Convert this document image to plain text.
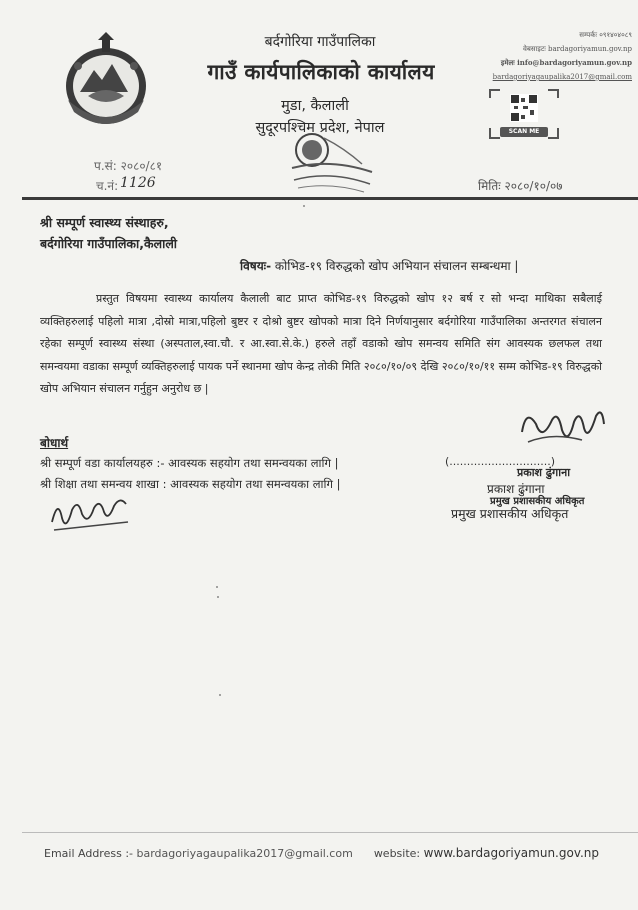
बर्दगोरिया गाउँपालिका
गाउँ कार्यपालिकाको कार्यालय
मुडा, कैलाली
सुदूरपश्चिम प्रदेश, नेपाल
सम्पर्कः ०९१४०४०८९
वेबसाइटः bardagoriyamun.gov.np
इमेलः info@bardagoriyamun.gov.np
bardagoriyagaupalika2017@gmail.com
SCAN ME
प.सं: २०८०/८१
च.नं: 1126	मितिः २०८०/१०/०७
श्री सम्पूर्ण स्वास्थ्य संस्थाहरु,
बर्दगोरिया गाउँपालिका,कैलाली
विषयः- कोभिड-१९ विरुद्धको खोप अभियान संचालन सम्बन्धमा |
प्रस्तुत विषयमा स्वास्थ्य कार्यालय कैलाली बाट प्राप्त कोभिड-१९ विरुद्धको खोप १२ बर्ष र सो भन्दा माथिका सबैलाई व्यक्तिहरुलाई पहिलो मात्रा ,दोस्रो मात्रा,पहिलो बुष्टर र दोश्रो बुष्टर खोपको मात्रा दिने निर्णयानुसार बर्दगोरिया गाउँपालिका अन्तरगत संचालन रहेका सम्पूर्ण स्वास्थ्य संस्था (अस्पताल,स्वा.चौ. र आ.स्वा.से.के.) हरुले तहाँ वडाको खोप समन्वय समिति संग आवस्यक छलफल तथा समन्वयमा वडाका सम्पूर्ण व्यक्तिहरुलाई पायक पर्ने स्थानमा खोप केन्द्र तोकी मिति २०८०/१०/०९ देखि २०८०/१०/११ सम्म कोभिड-१९ विरुद्धको खोप अभियान संचालन गर्नुहुन अनुरोध छ |
बोधार्थ
श्री सम्पूर्ण वडा कार्यालयहरु :- आवस्यक सहयोग तथा समन्वयका लागि |
श्री शिक्षा तथा समन्वय शाखा : आवस्यक सहयोग तथा समन्वयका लागि |
(.............................)
प्रकाश ढुंगाना
प्रकाश ढुंगाना
प्रमुख प्रशासकीय अधिकृत
प्रमुख प्रशासकीय अधिकृत
Email Address :- bardagoriyagaupalika2017@gmail.com website: www.bardagoriyamun.gov.np
